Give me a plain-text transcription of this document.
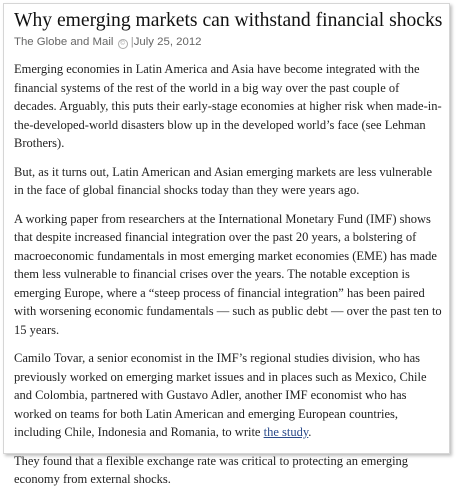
Why emerging markets can withstand financial shocks
The Globe and Mail © |July 25, 2012

Emerging economies in Latin America and Asia have become integrated with the financial systems of the rest of the world in a big way over the past couple of decades. Arguably, this puts their early-stage economies at higher risk when made-in-the-developed-world disasters blow up in the developed world’s face (see Lehman Brothers).

But, as it turns out, Latin American and Asian emerging markets are less vulnerable in the face of global financial shocks today than they were years ago.

A working paper from researchers at the International Monetary Fund (IMF) shows that despite increased financial integration over the past 20 years, a bolstering of macroeconomic fundamentals in most emerging market economies (EME) has made them less vulnerable to financial crises over the years. The notable exception is emerging Europe, where a “steep process of financial integration” has been paired with worsening economic fundamentals — such as public debt — over the past ten to 15 years.

Camilo Tovar, a senior economist in the IMF’s regional studies division, who has previously worked on emerging market issues and in places such as Mexico, Chile and Colombia, partnered with Gustavo Adler, another IMF economist who has worked on teams for both Latin American and emerging European countries, including Chile, Indonesia and Romania, to write the study.

They found that a flexible exchange rate was critical to protecting an emerging economy from external shocks.
